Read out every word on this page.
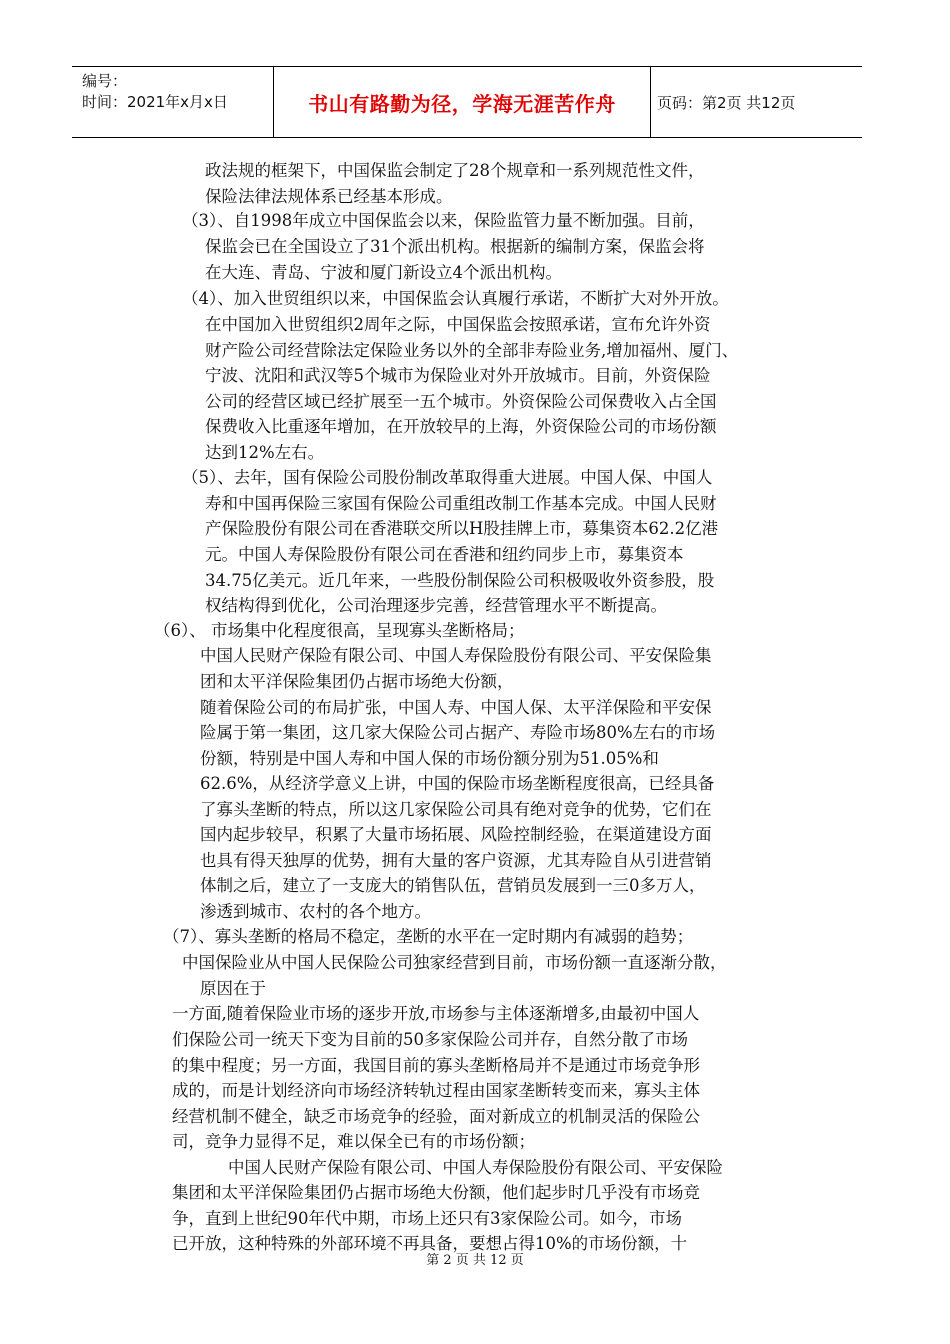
编号：
时间：2021年x月x日	书山有路勤为径，学海无涯苦作舟	页码：第2页 共12页
政法规的框架下，中国保监会制定了28个规章和一系列规范性文件，
保险法律法规体系已经基本形成。
（3）、自1998年成立中国保监会以来，保险监管力量不断加强。目前，
保监会已在全国设立了31个派出机构。根据新的编制方案，保监会将
在大连、青岛、宁波和厦门新设立4个派出机构。
（4）、加入世贸组织以来，中国保监会认真履行承诺，不断扩大对外开放。
在中国加入世贸组织2周年之际，中国保监会按照承诺，宣布允许外资
财产险公司经营除法定保险业务以外的全部非寿险业务,增加福州、厦门、
宁波、沈阳和武汉等5个城市为保险业对外开放城市。目前，外资保险
公司的经营区域已经扩展至一五个城市。外资保险公司保费收入占全国
保费收入比重逐年增加，在开放较早的上海，外资保险公司的市场份额
达到12%左右。
（5）、去年，国有保险公司股份制改革取得重大进展。中国人保、中国人
寿和中国再保险三家国有保险公司重组改制工作基本完成。中国人民财
产保险股份有限公司在香港联交所以H股挂牌上市，募集资本62.2亿港
元。中国人寿保险股份有限公司在香港和纽约同步上市，募集资本
34.75亿美元。近几年来，一些股份制保险公司积极吸收外资参股，股
权结构得到优化，公司治理逐步完善，经营管理水平不断提高。
（6）、 市场集中化程度很高，呈现寡头垄断格局；
中国人民财产保险有限公司、中国人寿保险股份有限公司、平安保险集
团和太平洋保险集团仍占据市场绝大份额，
随着保险公司的布局扩张，中国人寿、中国人保、太平洋保险和平安保
险属于第一集团，这几家大保险公司占据产、寿险市场80%左右的市场
份额，特别是中国人寿和中国人保的市场份额分别为51.05%和
62.6%，从经济学意义上讲，中国的保险市场垄断程度很高，已经具备
了寡头垄断的特点，所以这几家保险公司具有绝对竞争的优势，它们在
国内起步较早，积累了大量市场拓展、风险控制经验，在渠道建设方面
也具有得天独厚的优势，拥有大量的客户资源，尤其寿险自从引进营销
体制之后，建立了一支庞大的销售队伍，营销员发展到一三0多万人，
渗透到城市、农村的各个地方。
（7）、寡头垄断的格局不稳定，垄断的水平在一定时期内有减弱的趋势；
中国保险业从中国人民保险公司独家经营到目前，市场份额一直逐渐分散，
原因在于
一方面,随着保险业市场的逐步开放,市场参与主体逐渐增多,由最初中国人
们保险公司一统天下变为目前的50多家保险公司并存，自然分散了市场
的集中程度；另一方面，我国目前的寡头垄断格局并不是通过市场竞争形
成的，而是计划经济向市场经济转轨过程由国家垄断转变而来，寡头主体
经营机制不健全，缺乏市场竞争的经验，面对新成立的机制灵活的保险公
司，竞争力显得不足，难以保全已有的市场份额；
中国人民财产保险有限公司、中国人寿保险股份有限公司、平安保险
集团和太平洋保险集团仍占据市场绝大份额，他们起步时几乎没有市场竞
争，直到上世纪90年代中期，市场上还只有3家保险公司。如今，市场
已开放，这种特殊的外部环境不再具备，要想占得10%的市场份额，十
第 2 页 共 12 页
